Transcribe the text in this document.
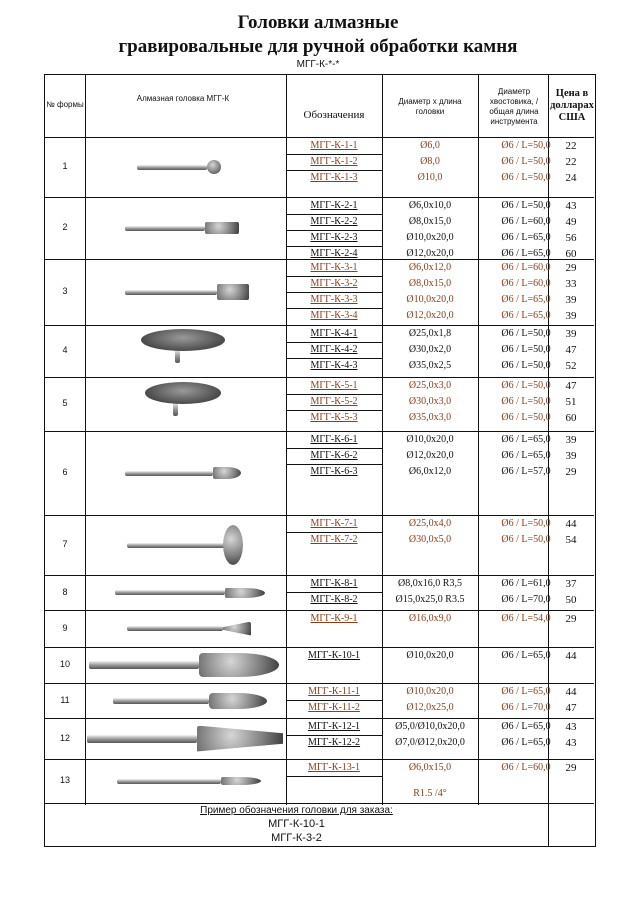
Головки алмазные
гравировальные для ручной обработки камня
МГГ-К-*-*
№ формы
Алмазная головка МГГ-К
Обозначения
Диаметр х длина головки
Диаметр хвостовика, /общая длина инструмента
Цена в долларах США
1
МГГ-К-1-1	Ø6,0	Ø6 / L=50,0	22
МГГ-К-1-2	Ø8,0	Ø6 / L=50,0	22
МГГ-К-1-3	Ø10,0	Ø6 / L=50,0	24
2
МГГ-К-2-1	Ø6,0x10,0	Ø6 / L=50,0	43
МГГ-К-2-2	Ø8,0x15,0	Ø6 / L=60,0	49
МГГ-К-2-3	Ø10,0x20,0	Ø6 / L=65,0	56
МГГ-К-2-4	Ø12,0x20,0	Ø6 / L=65,0	60
3
МГГ-К-3-1	Ø6,0x12,0	Ø6 / L=60,0	29
МГГ-К-3-2	Ø8,0x15,0	Ø6 / L=60,0	33
МГГ-К-3-3	Ø10,0x20,0	Ø6 / L=65,0	39
МГГ-К-3-4	Ø12,0x20,0	Ø6 / L=65,0	39
4
МГГ-К-4-1	Ø25,0x1,8	Ø6 / L=50,0	39
МГГ-К-4-2	Ø30,0x2,0	Ø6 / L=50,0	47
МГГ-К-4-3	Ø35,0x2,5	Ø6 / L=50,0	52
5
МГГ-К-5-1	Ø25,0x3,0	Ø6 / L=50,0	47
МГГ-К-5-2	Ø30,0x3,0	Ø6 / L=50,0	51
МГГ-К-5-3	Ø35,0x3,0	Ø6 / L=50,0	60
6
МГГ-К-6-1	Ø10,0x20,0	Ø6 / L=65,0	39
МГГ-К-6-2	Ø12,0x20,0	Ø6 / L=65,0	39
МГГ-К-6-3	Ø6,0x12,0	Ø6 / L=57,0	29
7
МГГ-К-7-1	Ø25,0x4,0	Ø6 / L=50,0	44
МГГ-К-7-2	Ø30,0x5,0	Ø6 / L=50,0	54
8
МГГ-К-8-1	Ø8,0x16,0 R3,5	Ø6 / L=61,0	37
МГГ-К-8-2	Ø15,0x25,0 R3.5	Ø6 / L=70,0	50
9
МГГ-К-9-1	Ø16,0x9,0	Ø6 / L=54,0	29
10
МГГ-К-10-1	Ø10,0x20,0	Ø6 / L=65,0	44
11
МГГ-К-11-1	Ø10,0x20,0	Ø6 / L=65,0	44
МГГ-К-11-2	Ø12,0x25,0	Ø6 / L=70,0	47
12
МГГ-К-12-1	Ø5,0/Ø10,0x20,0	Ø6 / L=65,0	43
МГГ-К-12-2	Ø7,0/Ø12,0x20,0	Ø6 / L=65,0	43
13
МГГ-К-13-1	Ø6,0x15,0	Ø6 / L=60,0	29
R1.5 /4°
Пример обозначения головки для заказа:
МГГ-К-10-1
МГГ-К-3-2
